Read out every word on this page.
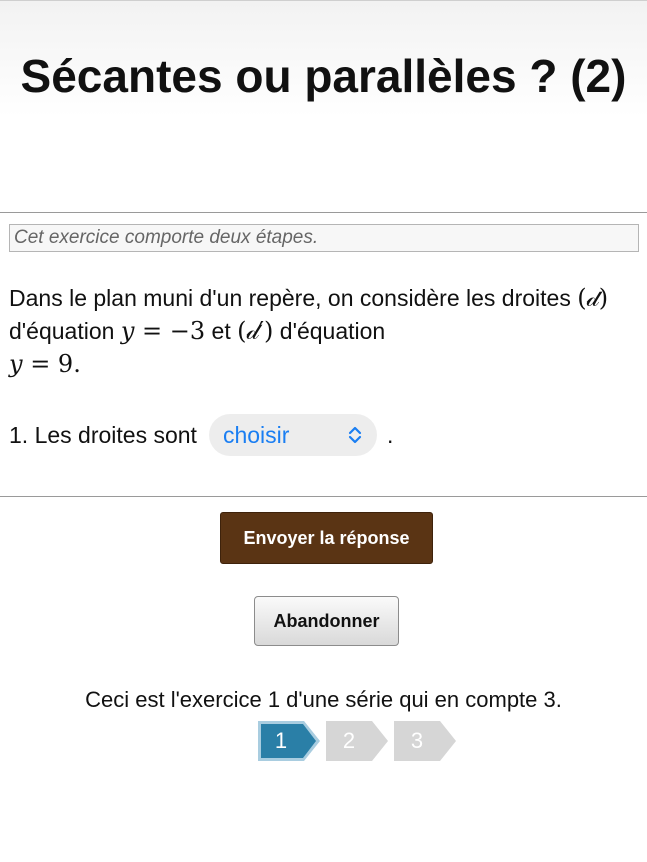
Sécantes ou parallèles ? (2)
Cet exercice comporte deux étapes.
Dans le plan muni d'un repère, on considère les droites (𝒹) d'équation y = −3 et (𝒹′) d'équation
y = 9.
1. Les droites sont choisir	.
Envoyer la réponse
Abandonner
Ceci est l'exercice 1 d'une série qui en compte 3.
1	2	3
